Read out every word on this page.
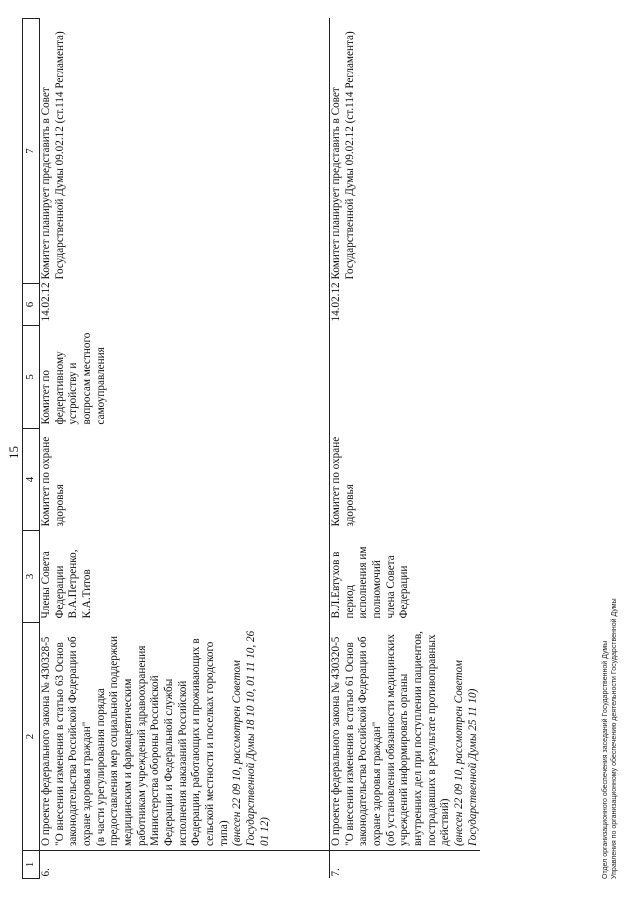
15
1	2	3	4	5	6	7
6.	О проекте федерального закона № 430328-5 "О внесении изменения в статью 63 Основ законодательства Российской Федерации об охране здоровья граждан" (в части урегулирования порядка предоставления мер социальной поддержки медицинским и фармацевтическим работникам учреждений здравоохранения Министерства обороны Российской Федерации и Федеральной службы исполнения наказаний Российской Федерации, работающих и проживающих в сельской местности и поселках городского типа) (внесен 22 09 10, рассмотрен Советом Государственной Думы 18 10 10, 01 11 10, 26 01 12)	Члены Совета Федерации В.А.Петренко, К.А.Титов	Комитет по охране здоровья	Комитет по федеративному устройству и вопросам местного самоуправления	14.02.12	Комитет планирует представить в Совет Государственной Думы 09.02.12 (ст.114 Регламента)
7.	О проекте федерального закона № 430320-5 "О внесении изменения в статью 61 Основ законодательства Российской Федерации об охране здоровья граждан" (об установлении обязанности медицинских учреждений информировать органы внутренних дел при поступлении пациентов, пострадавших в результате противоправных действий) (внесен 22 09 10, рассмотрен Советом Государственной Думы 25 11 10)	В.Л.Евтухов в период исполнения им полномочий члена Совета Федерации	Комитет по охране здоровья		14.02.12	Комитет планирует представить в Совет Государственной Думы 09.02.12 (ст.114 Регламента)
Отдел организационного обеспечения заседаний Государственной Думы Управления по организационному обеспечению деятельности Государственной Думы
